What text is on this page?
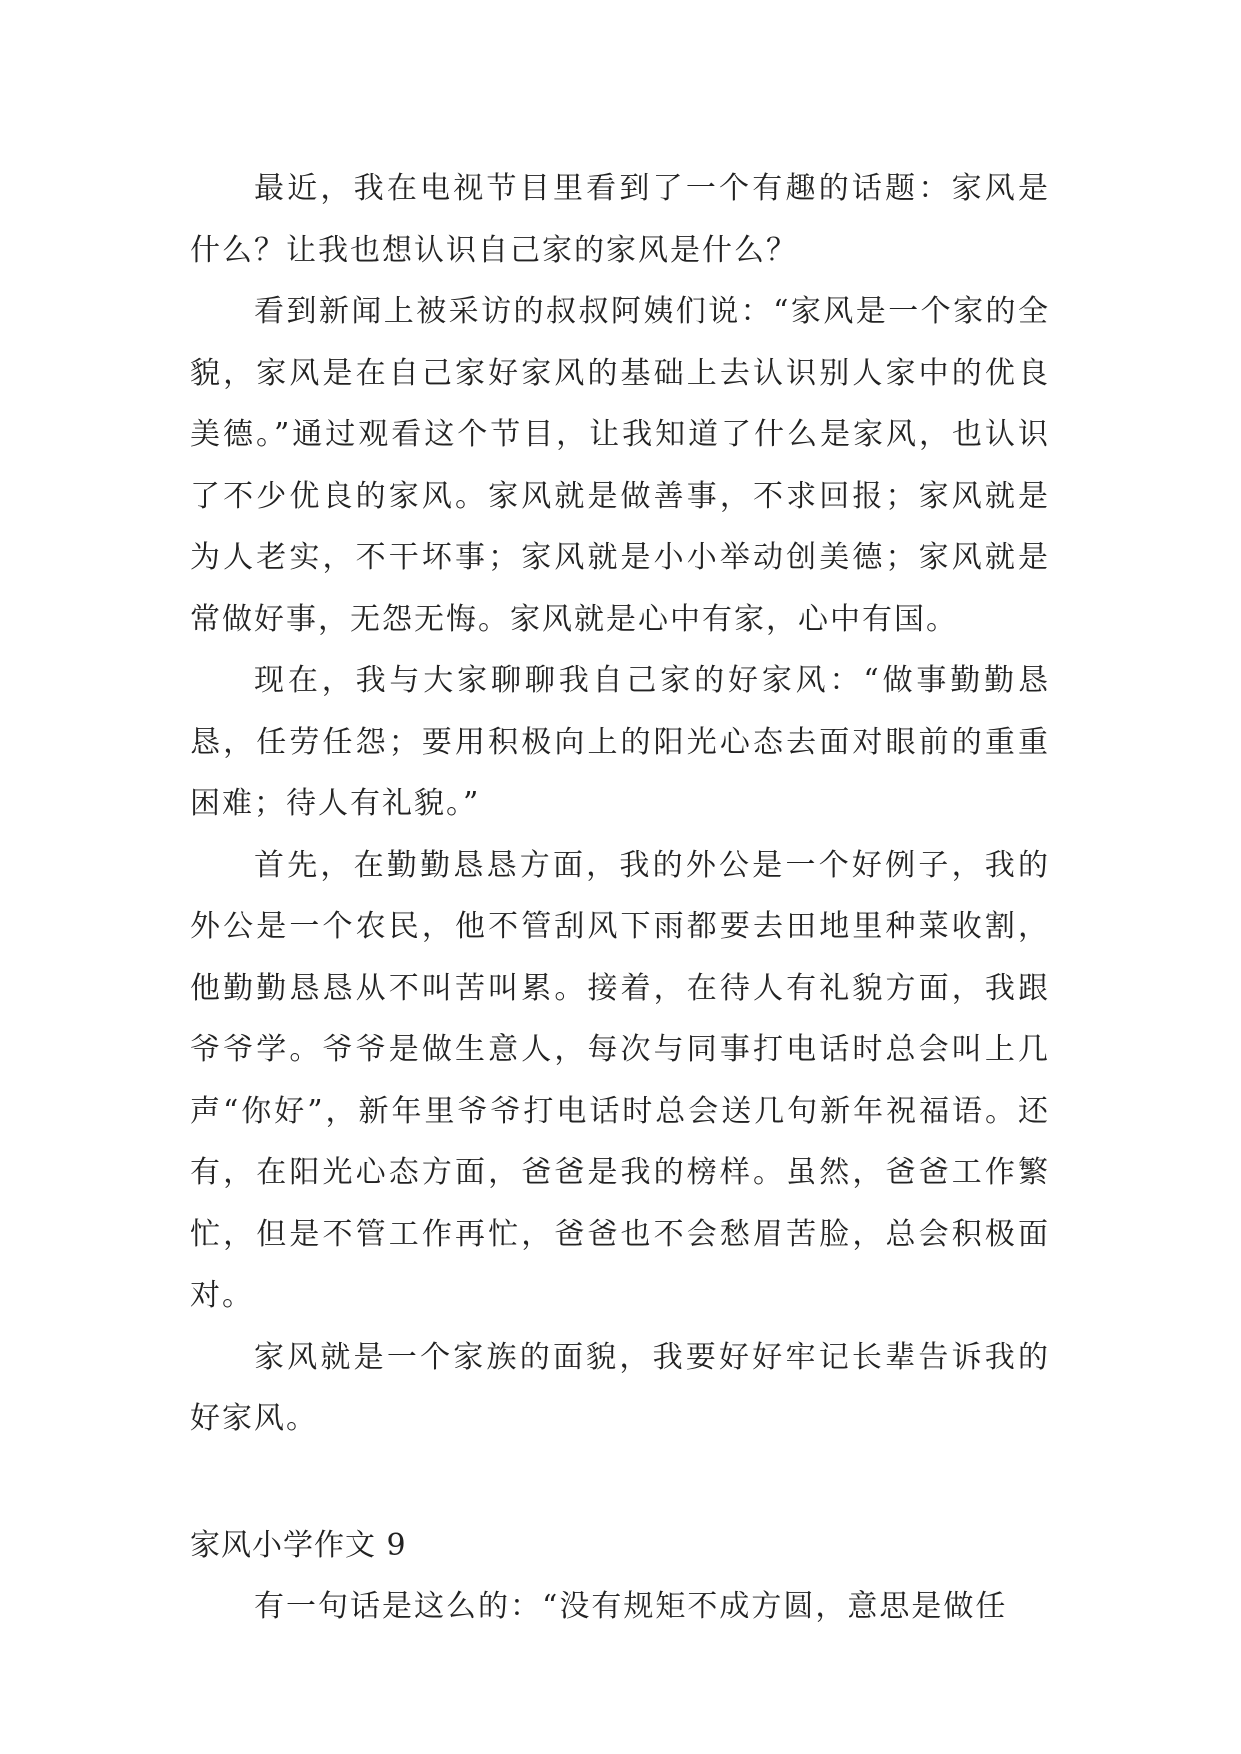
最近，我在电视节目里看到了一个有趣的话题：家风是什么？让我也想认识自己家的家风是什么？

看到新闻上被采访的叔叔阿姨们说：“家风是一个家的全貌，家风是在自己家好家风的基础上去认识别人家中的优良美德。”通过观看这个节目，让我知道了什么是家风，也认识了不少优良的家风。家风就是做善事，不求回报；家风就是为人老实，不干坏事；家风就是小小举动创美德；家风就是常做好事，无怨无悔。家风就是心中有家，心中有国。

现在，我与大家聊聊我自己家的好家风：“做事勤勤恳恳，任劳任怨；要用积极向上的阳光心态去面对眼前的重重困难；待人有礼貌。”

首先，在勤勤恳恳方面，我的外公是一个好例子，我的外公是一个农民，他不管刮风下雨都要去田地里种菜收割，他勤勤恳恳从不叫苦叫累。接着，在待人有礼貌方面，我跟爷爷学。爷爷是做生意人，每次与同事打电话时总会叫上几声“你好”，新年里爷爷打电话时总会送几句新年祝福语。还有，在阳光心态方面，爸爸是我的榜样。虽然，爸爸工作繁忙，但是不管工作再忙，爸爸也不会愁眉苦脸，总会积极面对。

家风就是一个家族的面貌，我要好好牢记长辈告诉我的好家风。

家风小学作文 9

有一句话是这么的：“没有规矩不成方圆，意思是做任
